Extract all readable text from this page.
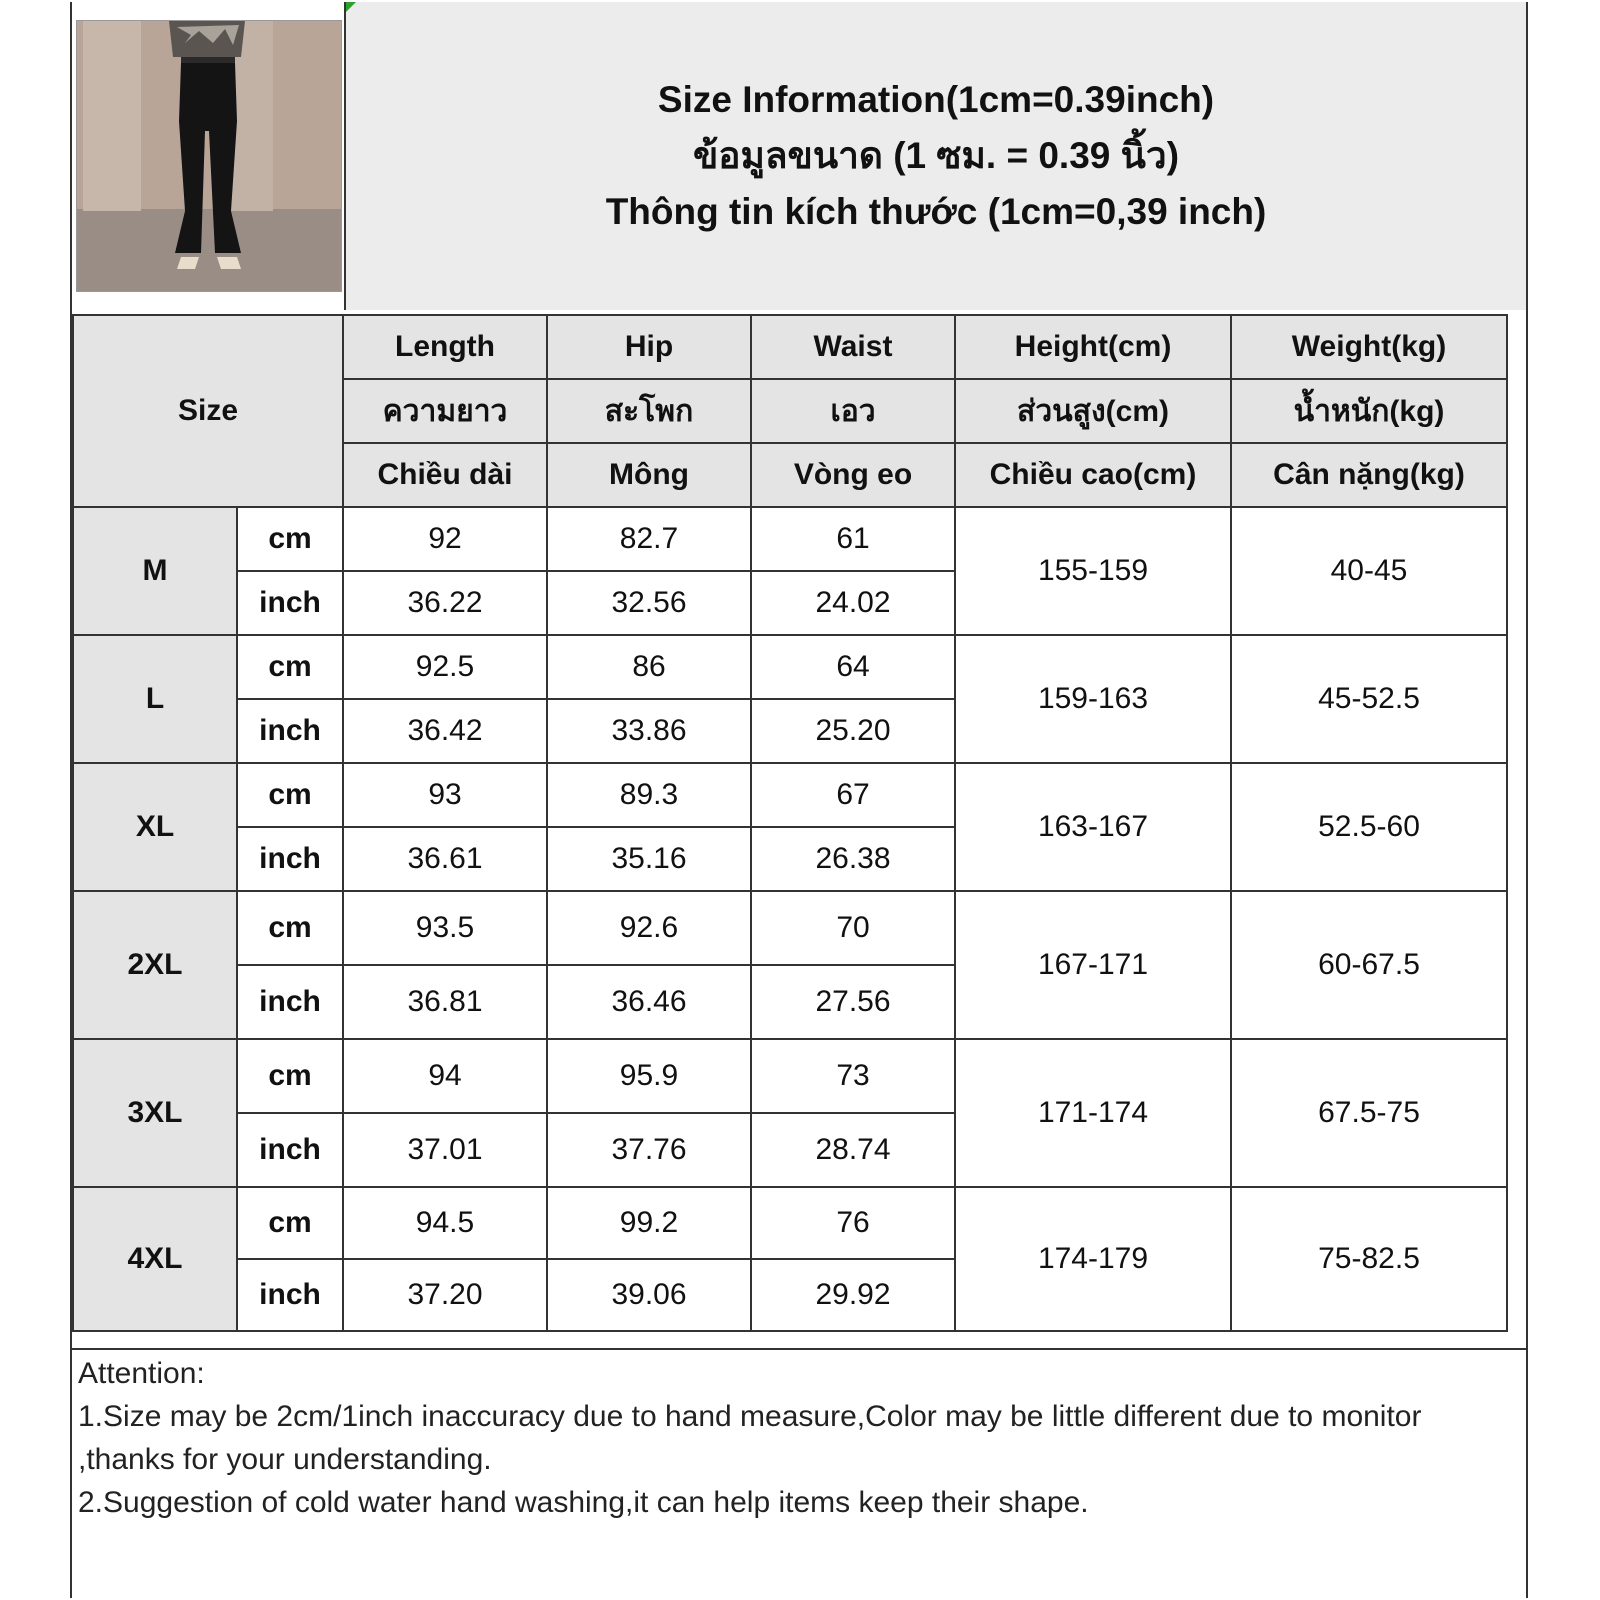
Size Information(1cm=0.39inch)
ข้อมูลขนาด (1 ซม. = 0.39 นิ้ว)
Thông tin kích thước (1cm=0,39 inch)
Size		Length	Hip	Waist	Height(cm)	Weight(kg)
		ความยาว	สะโพก	เอว	ส่วนสูง(cm)	น้ำหนัก(kg)
		Chiều dài	Mông	Vòng eo	Chiều cao(cm)	Cân nặng(kg)
M	cm	92	82.7	61	155-159	40-45
	inch	36.22	32.56	24.02		
L	cm	92.5	86	64	159-163	45-52.5
	inch	36.42	33.86	25.20		
XL	cm	93	89.3	67	163-167	52.5-60
	inch	36.61	35.16	26.38		
2XL	cm	93.5	92.6	70	167-171	60-67.5
	inch	36.81	36.46	27.56		
3XL	cm	94	95.9	73	171-174	67.5-75
	inch	37.01	37.76	28.74		
4XL	cm	94.5	99.2	76	174-179	75-82.5
	inch	37.20	39.06	29.92		
Attention:
1.Size may be 2cm/1inch inaccuracy due to hand measure,Color may be little different due to monitor ,thanks for your understanding.
2.Suggestion of cold water hand washing,it can help items keep their shape.
